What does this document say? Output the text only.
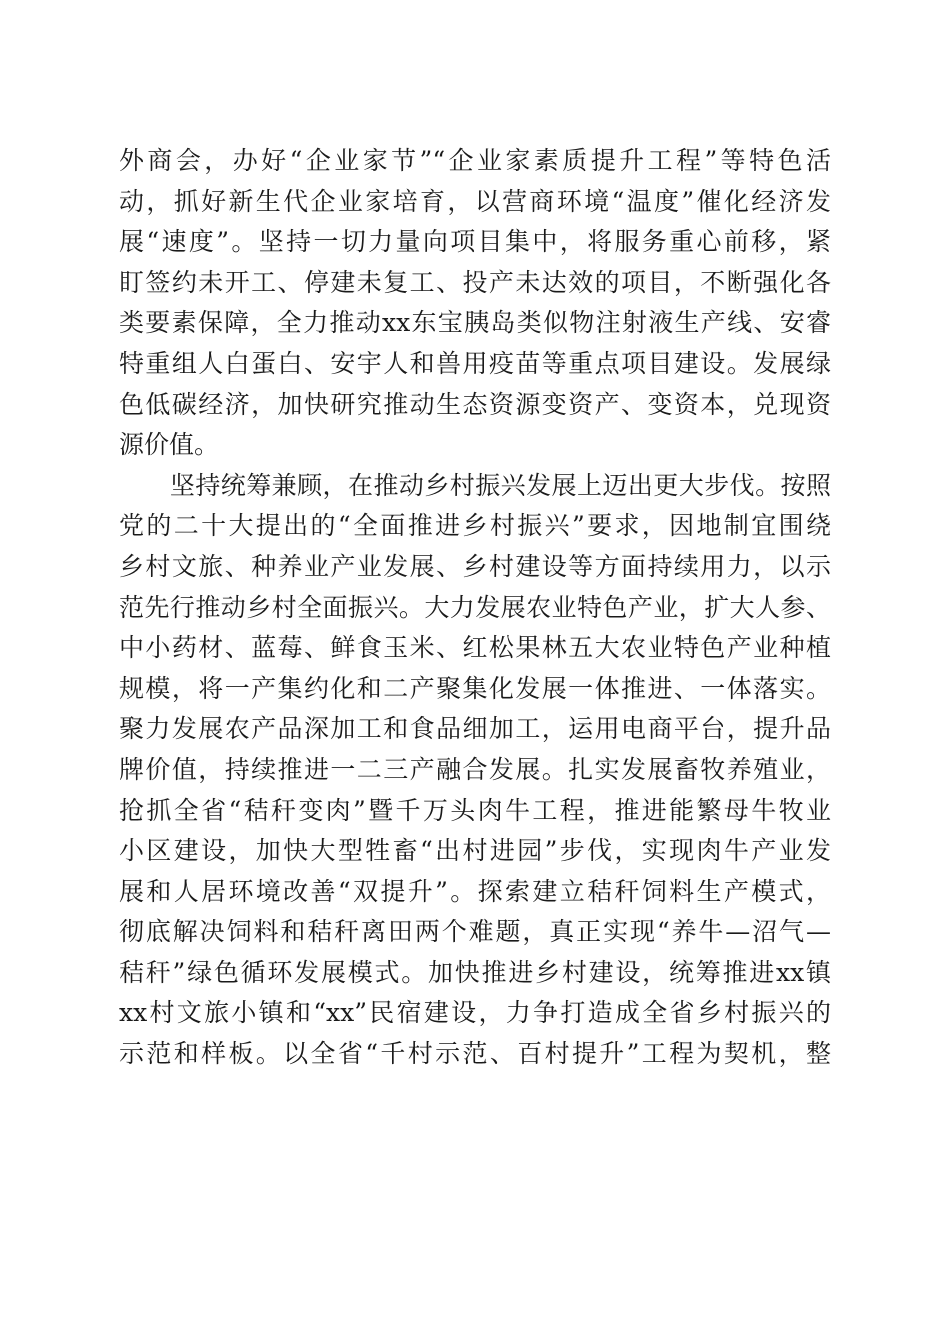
外商会，办好“企业家节”“企业家素质提升工程”等特色活
动，抓好新生代企业家培育，以营商环境“温度”催化经济发
展“速度”。坚持一切力量向项目集中，将服务重心前移，紧
盯签约未开工、停建未复工、投产未达效的项目，不断强化各
类要素保障，全力推动xx东宝胰岛类似物注射液生产线、安睿
特重组人白蛋白、安宇人和兽用疫苗等重点项目建设。发展绿
色低碳经济，加快研究推动生态资源变资产、变资本，兑现资
源价值。
　　坚持统筹兼顾，在推动乡村振兴发展上迈出更大步伐。按照
党的二十大提出的“全面推进乡村振兴”要求，因地制宜围绕
乡村文旅、种养业产业发展、乡村建设等方面持续用力，以示
范先行推动乡村全面振兴。大力发展农业特色产业，扩大人参、
中小药材、蓝莓、鲜食玉米、红松果林五大农业特色产业种植
规模，将一产集约化和二产聚集化发展一体推进、一体落实。
聚力发展农产品深加工和食品细加工，运用电商平台，提升品
牌价值，持续推进一二三产融合发展。扎实发展畜牧养殖业，
抢抓全省“秸秆变肉”暨千万头肉牛工程，推进能繁母牛牧业
小区建设，加快大型牲畜“出村进园”步伐，实现肉牛产业发
展和人居环境改善“双提升”。探索建立秸秆饲料生产模式，
彻底解决饲料和秸秆离田两个难题，真正实现“养牛—沼气—
秸秆”绿色循环发展模式。加快推进乡村建设，统筹推进xx镇
xx村文旅小镇和“xx”民宿建设，力争打造成全省乡村振兴的
示范和样板。以全省“千村示范、百村提升”工程为契机，整
